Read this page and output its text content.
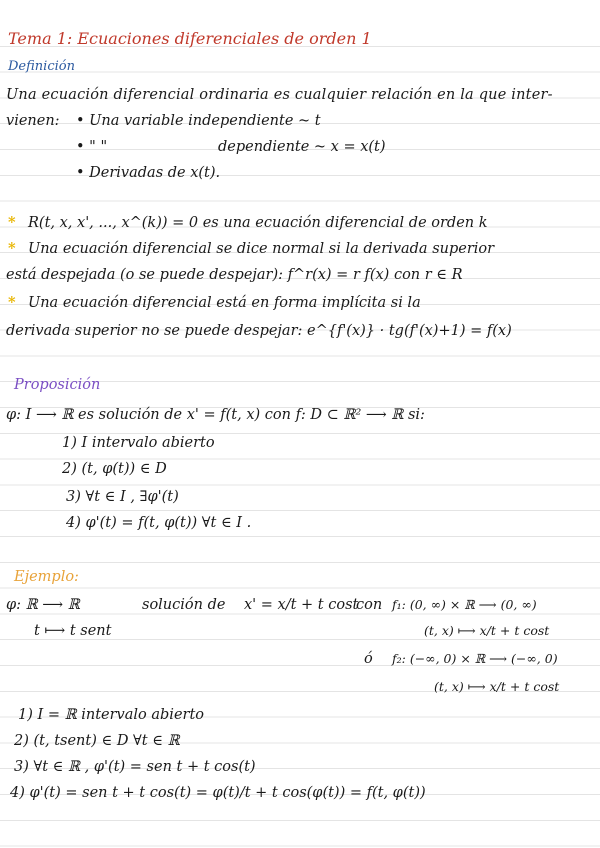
Tema 1: Ecuaciones diferenciales de orden 1
Definición
Una ecuación diferencial ordinaria es cualquier relación en la que inter-
vienen: • Una variable independiente ~ t
• " "	dependiente ~ x = x(t)
• Derivadas de x(t).
* R(t, x, x', ..., x^(k)) = 0 es una ecuación diferencial de orden k
* Una ecuación diferencial se dice normal si la derivada superior
está despejada (o se puede despejar): f^r(x) = r f(x) con r ∈ R
* Una ecuación diferencial está en forma implícita si la
derivada superior no se puede despejar: e^{f'(x)} · tg(f'(x)+1) = f(x)
Proposición
φ: I ⟶ ℝ es solución de x' = f(t, x) con f: D ⊂ ℝ² ⟶ ℝ si:
1) I intervalo abierto
2) (t, φ(t)) ∈ D
3) ∀t ∈ I , ∃φ'(t)
4) φ'(t) = f(t, φ(t)) ∀t ∈ I .
Ejemplo:
φ: ℝ ⟶ ℝ
t ⟼ t sent
solución de x' = x/t + t cost
con f₁: (0, ∞) × ℝ ⟶ (0, ∞)
(t, x) ⟼ x/t + t cost
ó f₂: (−∞, 0) × ℝ ⟶ (−∞, 0)
(t, x) ⟼ x/t + t cost
1) I = ℝ intervalo abierto
2) (t, tsent) ∈ D ∀t ∈ ℝ
3) ∀t ∈ ℝ , φ'(t) = sen t + t cos(t)
4) φ'(t) = sen t + t cos(t) = φ(t)/t + t cos(φ(t)) = f(t, φ(t))
